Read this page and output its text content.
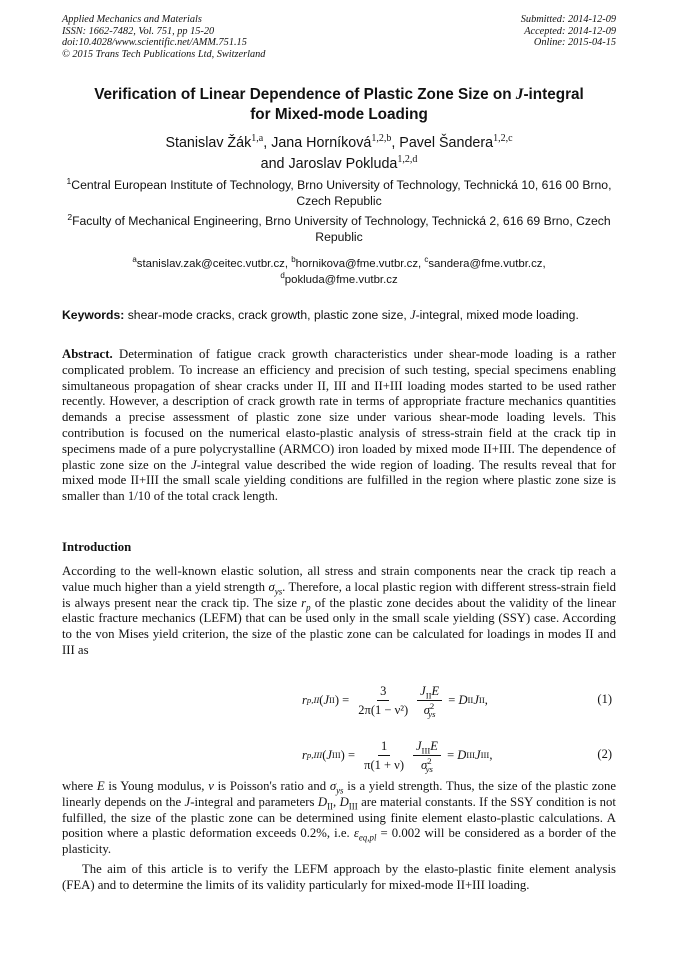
Applied Mechanics and Materials
ISSN: 1662-7482, Vol. 751, pp 15-20
doi:10.4028/www.scientific.net/AMM.751.15
© 2015 Trans Tech Publications Ltd, Switzerland
Submitted: 2014-12-09
Accepted: 2014-12-09
Online: 2015-04-15
Verification of Linear Dependence of Plastic Zone Size on J-integral
for Mixed-mode Loading
Stanislav Žák$^{1,a}$, Jana Horníková$^{1,2,b}$, Pavel Šandera$^{1,2,c}$
and Jaroslav Pokluda$^{1,2,d}$
$^1$Central European Institute of Technology, Brno University of Technology, Technická 10, 616 00 Brno, Czech Republic
$^2$Faculty of Mechanical Engineering, Brno University of Technology, Technická 2, 616 69 Brno, Czech Republic
$^a$stanislav.zak@ceitec.vutbr.cz, $^b$hornikova@fme.vutbr.cz, $^c$sandera@fme.vutbr.cz,
$^d$pokluda@fme.vutbr.cz
Keywords: shear-mode cracks, crack growth, plastic zone size, J-integral, mixed mode loading.
Abstract. Determination of fatigue crack growth characteristics under shear-mode loading is a rather complicated problem. To increase an efficiency and precision of such testing, special specimens enabling simultaneous propagation of shear cracks under II, III and II+III loading modes started to be used rather recently. However, a description of crack growth rate in terms of appropriate fracture mechanics quantities demands a precise assessment of plastic zone size under various shear-mode loading levels. This contribution is focused on the numerical elasto-plastic analysis of stress-strain field at the crack tip in specimens made of a pure polycrystalline (ARMCO) iron loaded by mixed mode II+III. The dependence of plastic zone size on the J-integral value described the wide region of loading. The results reveal that for mixed mode II+III the small scale yielding conditions are fulfilled in the region where plastic zone size is smaller than 1/10 of the total crack length.
Introduction
According to the well-known elastic solution, all stress and strain components near the crack tip reach a value much higher than a yield strength $\sigma_{ys}$. Therefore, a local plastic region with different stress-strain field is always present near the crack tip. The size $r_p$ of the plastic zone decides about the validity of the linear elastic fracture mechanics (LEFM) that can be used only in the small scale yielding (SSY) case. According to the von Mises yield criterion, the size of the plastic zone can be calculated for loadings in modes II and III as
r p,II ( J II ) = $\frac{3}{\text{2π(1 − ν²)}} \frac{J_{II}E}{\sigma^2_{ys}} = D$ II J II ,	(1)
r p,III ( J III ) = $\frac{1}{\pi(1 + \nu)} \frac{J_{III}E}{\sigma^2_{ys}} = D$ III J III ,	(2)
where E is Young modulus, ν is Poisson's ratio and $\sigma_{ys}$ is a yield strength. Thus, the size of the plastic zone linearly depends on the J-integral and parameters $D_{II}$, $D_{III}$ are material constants. If the SSY condition is not fulfilled, the size of the plastic zone can be determined using finite element elasto-plastic calculations. A position where a plastic deformation exceeds 0.2%, i.e. $\varepsilon_{eq,pl} = 0.002$ will be considered as a border of the plasticity.
The aim of this article is to verify the LEFM approach by the elasto-plastic finite element analysis (FEA) and to determine the limits of its validity particularly for mixed-mode II+III loading.
